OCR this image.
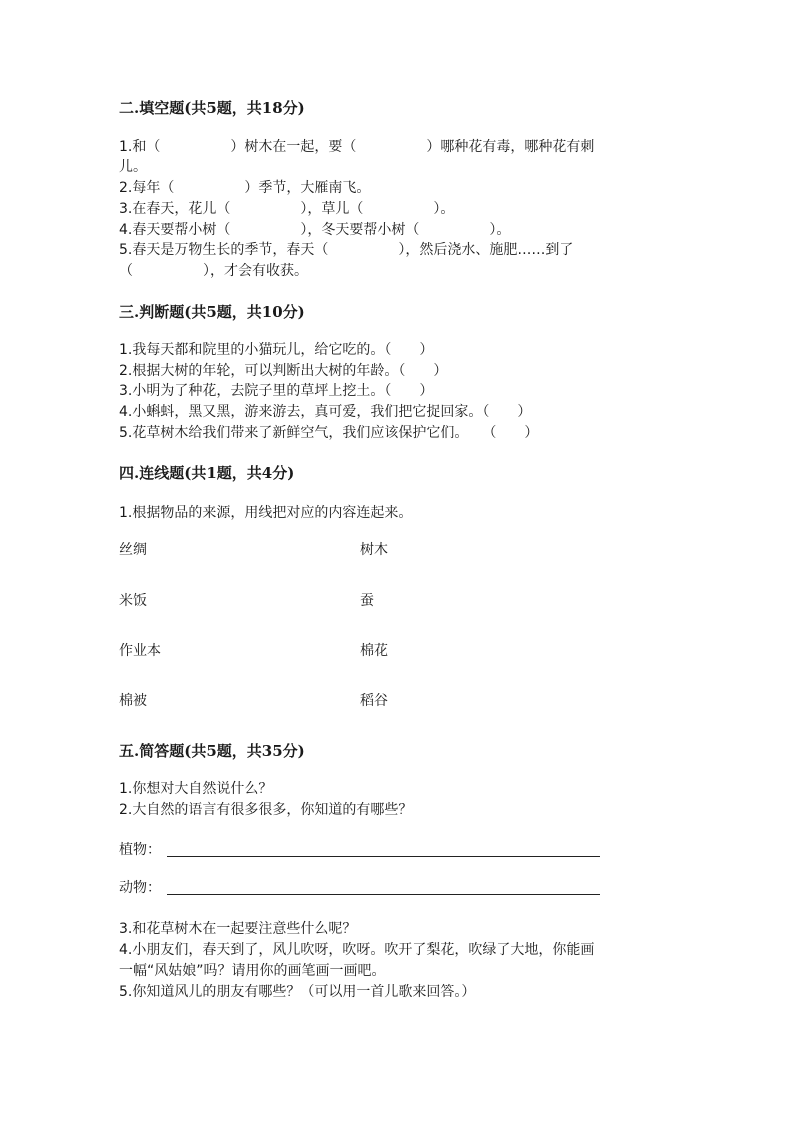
二.填空题(共5题，共18分)
1.和（　　　　　）树木在一起，要（　　　　　）哪种花有毒，哪种花有刺
儿。
2.每年（　　　　　）季节，大雁南飞。
3.在春天，花儿（　　　　　），草儿（　　　　　）。
4.春天要帮小树（　　　　　），冬天要帮小树（　　　　　）。
5.春天是万物生长的季节，春天（　　　　　），然后浇水、施肥……到了
（　　　　　），才会有收获。
三.判断题(共5题，共10分)
1.我每天都和院里的小猫玩儿，给它吃的。（　　）
2.根据大树的年轮，可以判断出大树的年龄。（　　）
3.小明为了种花，去院子里的草坪上挖土。（　　）
4.小蝌蚪，黑又黑，游来游去，真可爱，我们把它捉回家。（　　）
5.花草树木给我们带来了新鲜空气，我们应该保护它们。　　（　　）
四.连线题(共1题，共4分)
1.根据物品的来源，用线把对应的内容连起来。
丝绸	树木
米饭	蚕
作业本	棉花
棉被	稻谷
五.简答题(共5题，共35分)
1.你想对大自然说什么？
2.大自然的语言有很多很多，你知道的有哪些？
植物：
动物：
3.和花草树木在一起要注意些什么呢？
4.小朋友们，春天到了，风儿吹呀，吹呀。吹开了梨花，吹绿了大地，你能画
一幅“风姑娘”吗？请用你的画笔画一画吧。
5.你知道风儿的朋友有哪些？（可以用一首儿歌来回答。）
